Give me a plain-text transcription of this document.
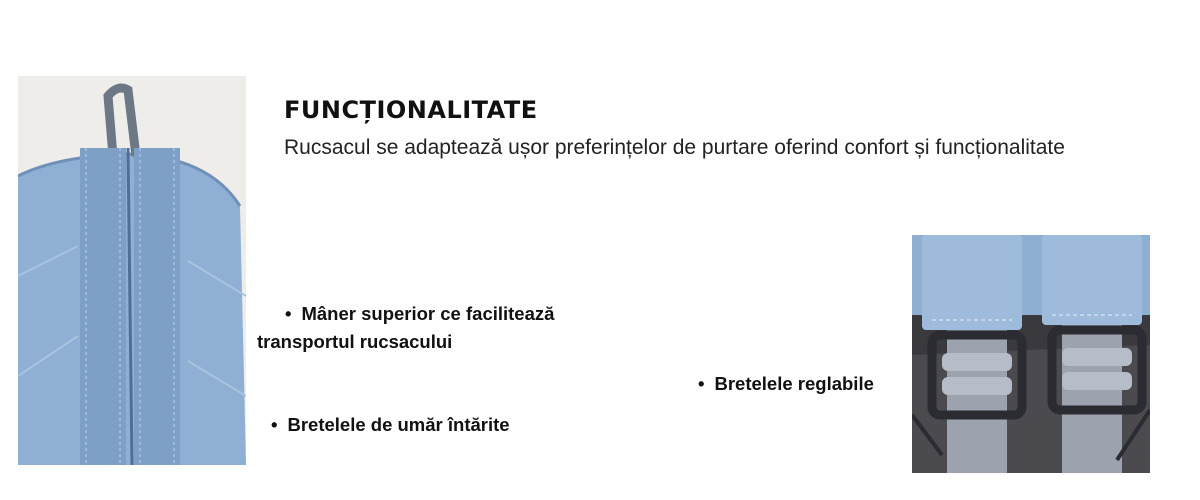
FUNCȚIONALITATE
Rucsacul se adaptează ușor preferințelor de purtare oferind confort și funcționalitate
• Mâner superior ce facilitează transportul rucsacului
• Bretelele de umăr întărite
• Bretelele reglabile
